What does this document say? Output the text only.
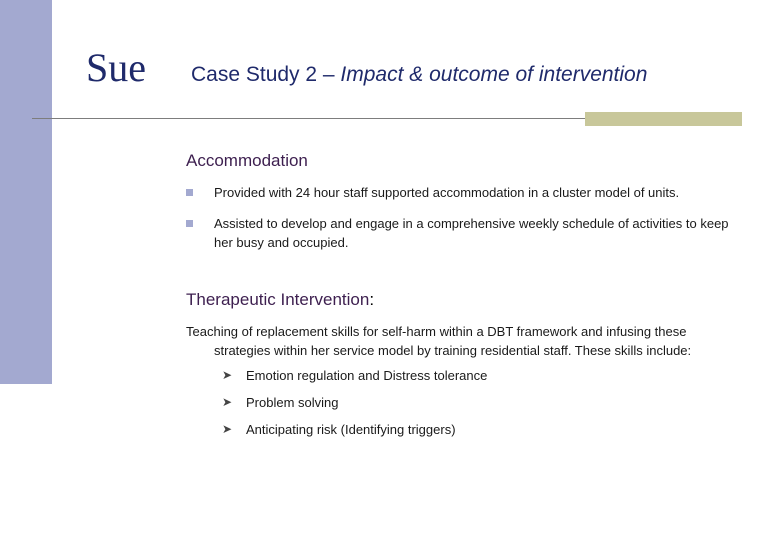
Sue Case Study 2 – Impact & outcome of intervention
Accommodation
Provided with 24 hour staff supported accommodation in a cluster model of units.
Assisted to develop and engage in a comprehensive weekly schedule of activities to keep her busy and occupied.
Therapeutic Intervention:
Teaching of replacement skills for self-harm within a DBT framework and infusing these
strategies within her service model by training residential staff. These skills include:
➤	Emotion regulation and Distress tolerance
➤	Problem solving
➤	Anticipating risk (Identifying triggers)
